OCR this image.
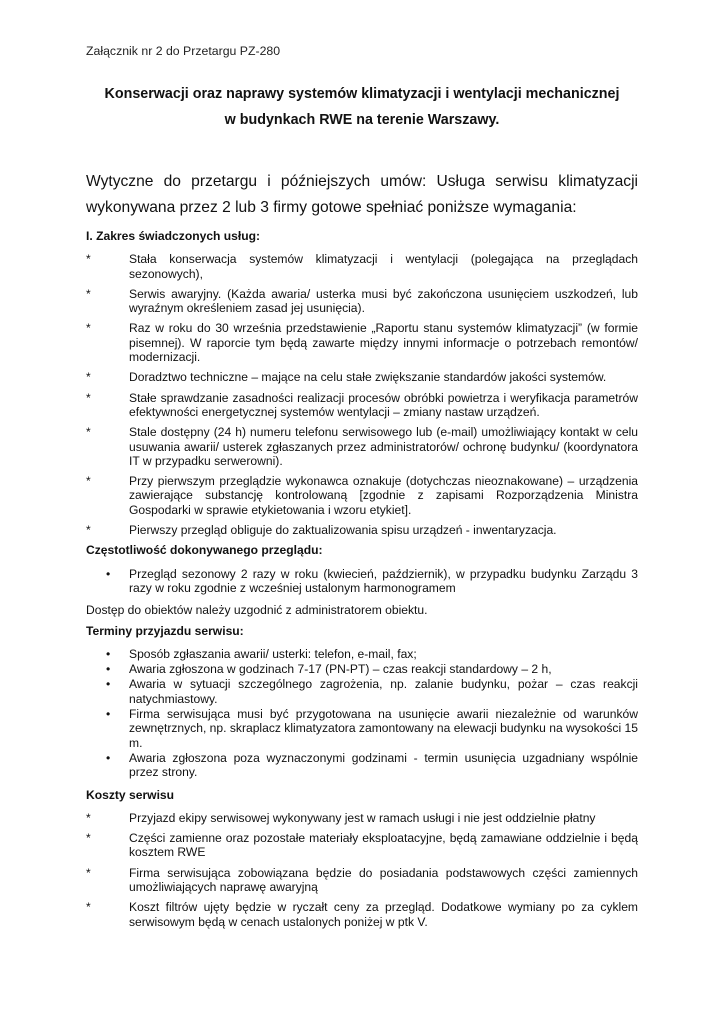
Załącznik nr 2 do Przetargu PZ-280
Konserwacji oraz naprawy systemów klimatyzacji i wentylacji mechanicznej
w budynkach RWE na terenie Warszawy.
Wytyczne do przetargu i późniejszych umów: Usługa serwisu klimatyzacji wykonywana przez 2 lub 3 firmy gotowe spełniać poniższe wymagania:
I. Zakres świadczonych usług:
*	Stała konserwacja systemów klimatyzacji i wentylacji (polegająca na przeglądach sezonowych),
*	Serwis awaryjny. (Każda awaria/ usterka musi być zakończona usunięciem uszkodzeń, lub wyraźnym określeniem zasad jej usunięcia).
*	Raz w roku do 30 września przedstawienie „Raportu stanu systemów klimatyzacji” (w formie pisemnej). W raporcie tym będą zawarte między innymi informacje o potrzebach remontów/ modernizacji.
*	Doradztwo techniczne – mające na celu stałe zwiększanie standardów jakości systemów.
*	Stałe sprawdzanie zasadności realizacji procesów obróbki powietrza i weryfikacja parametrów efektywności energetycznej systemów wentylacji – zmiany nastaw urządzeń.
*	Stale dostępny (24 h) numeru telefonu serwisowego lub (e-mail) umożliwiający kontakt w celu usuwania awarii/ usterek zgłaszanych przez administratorów/ ochronę budynku/ (koordynatora IT w przypadku serwerowni).
*	Przy pierwszym przeglądzie wykonawca oznakuje (dotychczas nieoznakowane) – urządzenia zawierające substancję kontrolowaną [zgodnie z zapisami Rozporządzenia Ministra Gospodarki w sprawie etykietowania i wzoru etykiet].
*	Pierwszy przegląd obliguje do zaktualizowania spisu urządzeń - inwentaryzacja.
Częstotliwość dokonywanego przeglądu:
• Przegląd sezonowy 2 razy w roku (kwiecień, październik), w przypadku budynku Zarządu 3 razy w roku zgodnie z wcześniej ustalonym harmonogramem
Dostęp do obiektów należy uzgodnić z administratorem obiektu.
Terminy przyjazdu serwisu:
• Sposób zgłaszania awarii/ usterki: telefon, e-mail, fax;
• Awaria zgłoszona w godzinach 7-17 (PN-PT) – czas reakcji standardowy – 2 h,
• Awaria w sytuacji szczególnego zagrożenia, np. zalanie budynku, pożar – czas reakcji natychmiastowy.
• Firma serwisująca musi być przygotowana na usunięcie awarii niezależnie od warunków zewnętrznych, np. skraplacz klimatyzatora zamontowany na elewacji budynku na wysokości 15 m.
• Awaria zgłoszona poza wyznaczonymi godzinami - termin usunięcia uzgadniany wspólnie przez strony.
Koszty serwisu
*	Przyjazd ekipy serwisowej wykonywany jest w ramach usługi i nie jest oddzielnie płatny
*	Części zamienne oraz pozostałe materiały eksploatacyjne, będą zamawiane oddzielnie i będą kosztem RWE
*	Firma serwisująca zobowiązana będzie do posiadania podstawowych części zamiennych umożliwiających naprawę awaryjną
*	Koszt filtrów ujęty będzie w ryczałt ceny za przegląd. Dodatkowe wymiany po za cyklem serwisowym będą w cenach ustalonych poniżej w ptk V.
